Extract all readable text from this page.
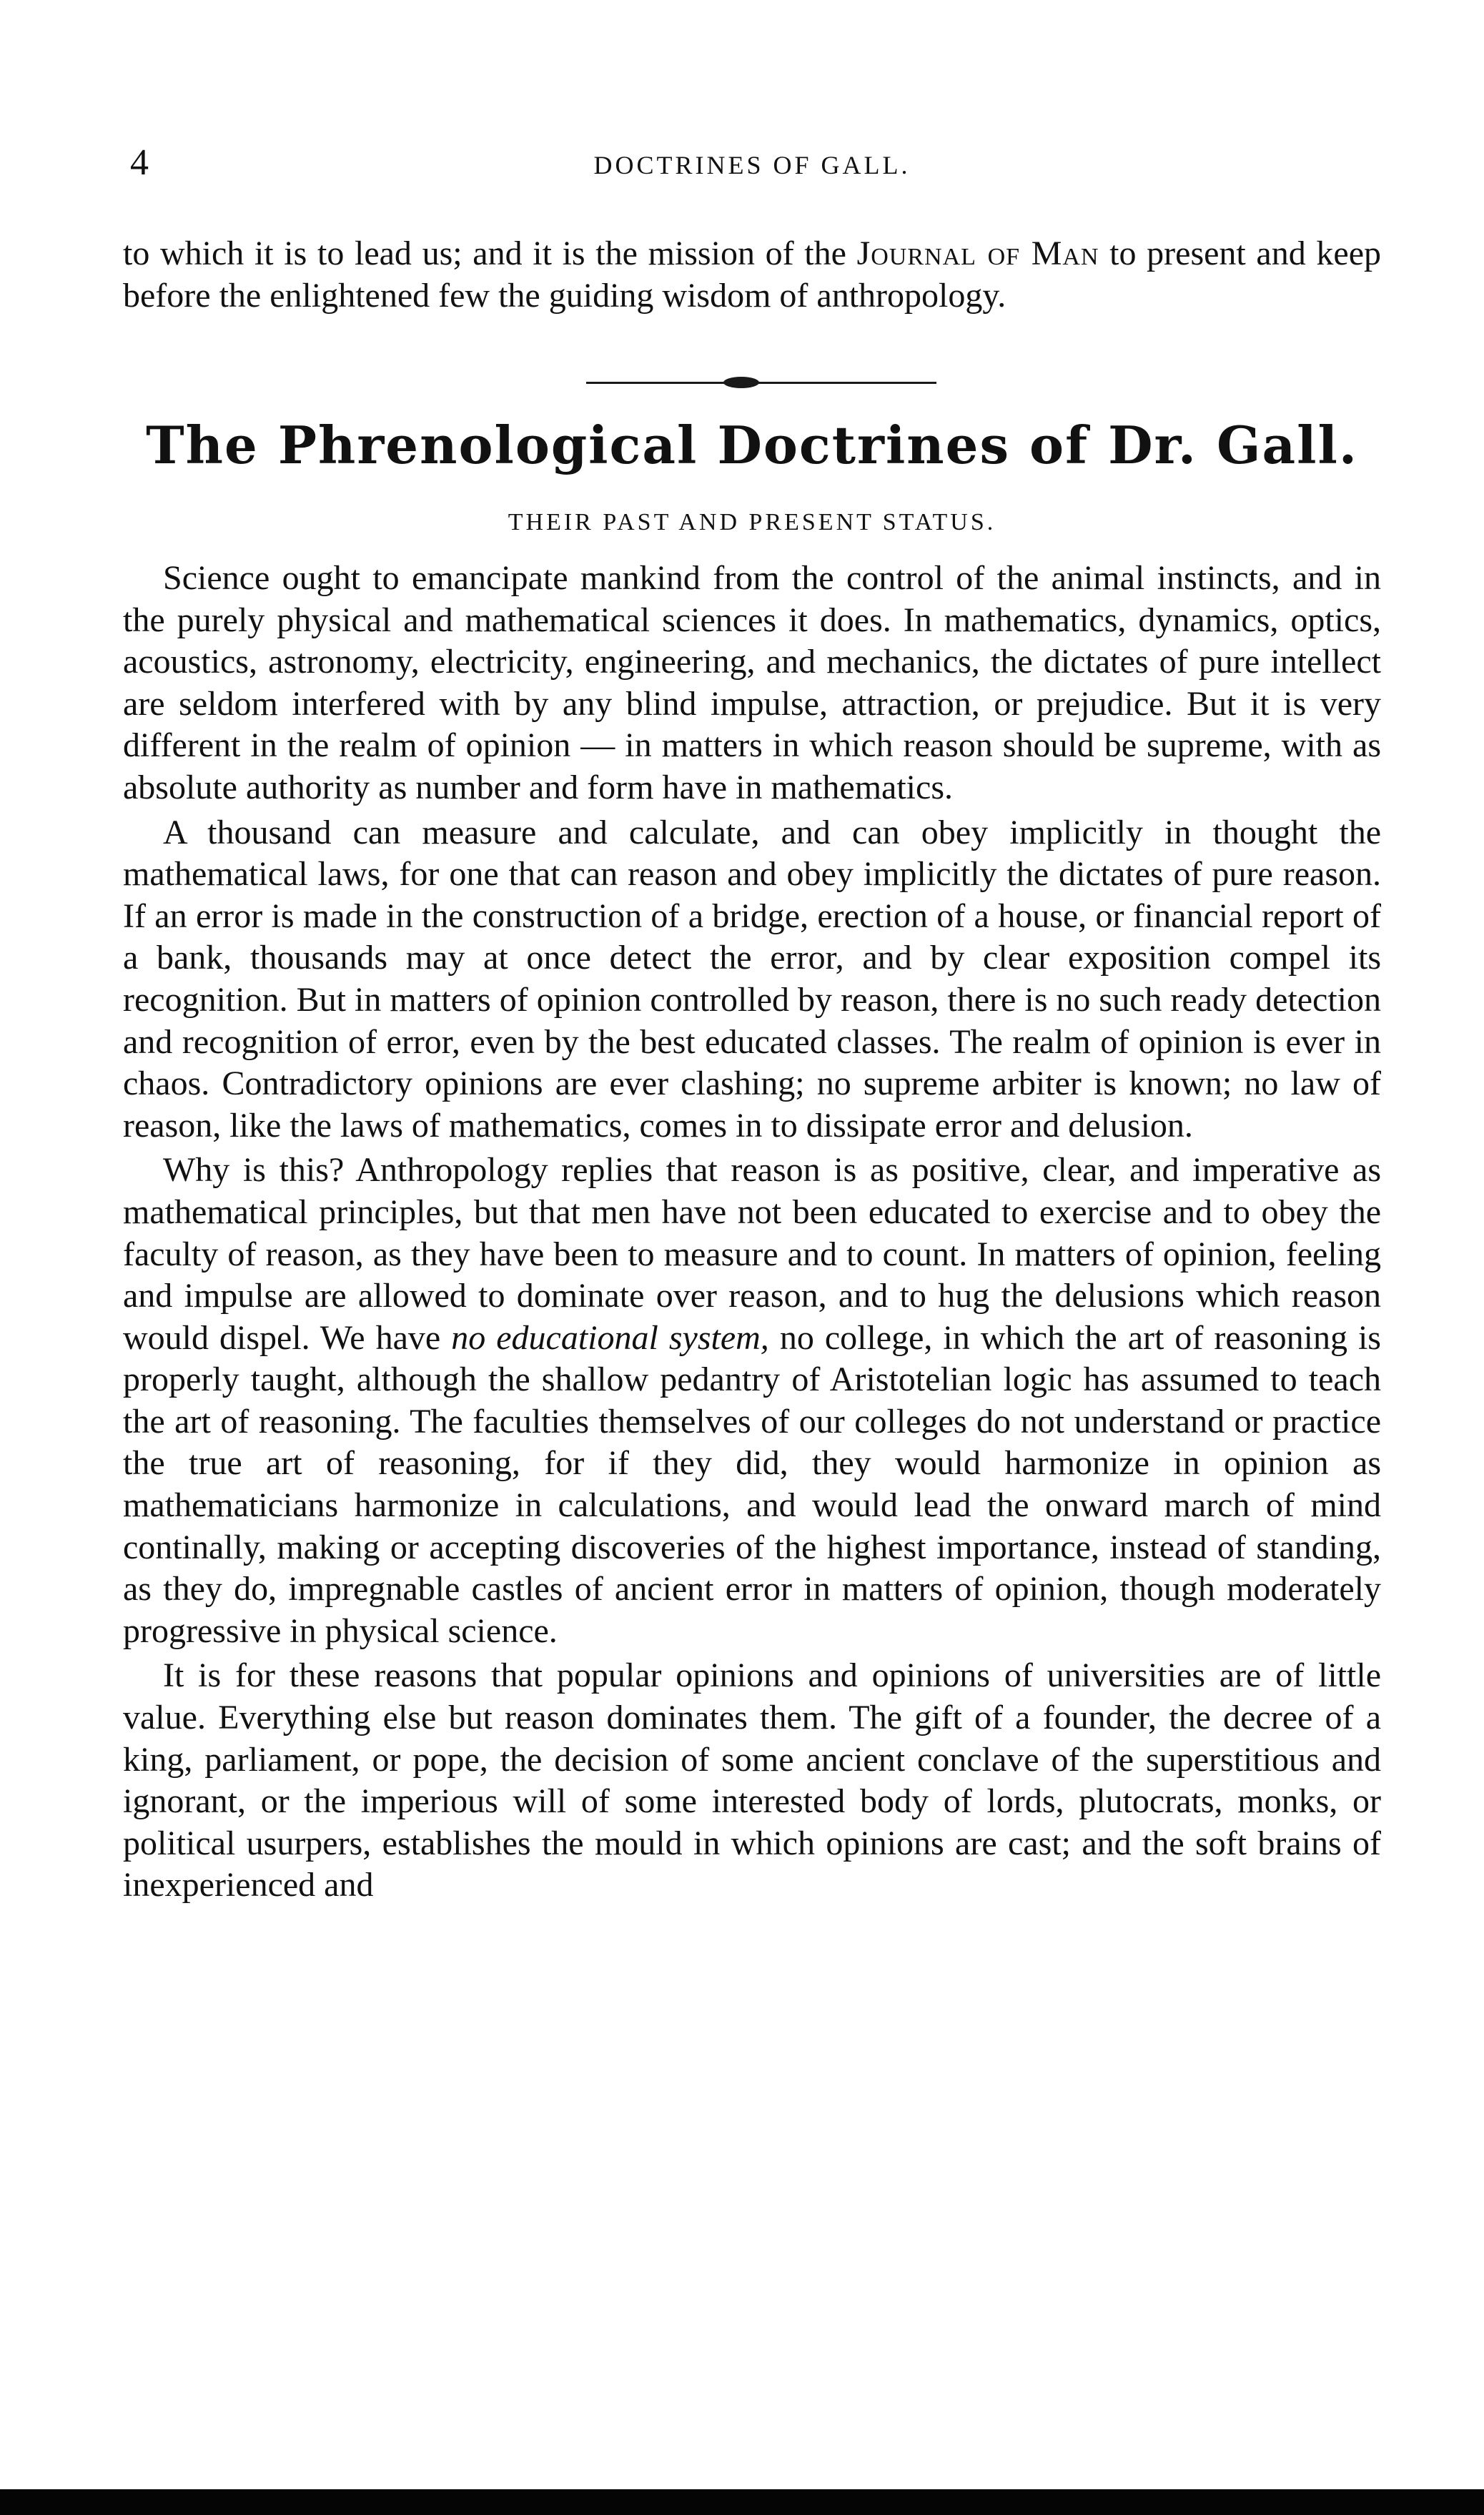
4	DOCTRINES OF GALL.

to which it is to lead us; and it is the mission of the Journal of Man to present and keep before the enlightened few the guiding wisdom of anthropology.

The Phrenological Doctrines of Dr. Gall.
THEIR PAST AND PRESENT STATUS.

Science ought to emancipate mankind from the control of the animal instincts, and in the purely physical and mathematical sciences it does. In mathematics, dynamics, optics, acoustics, astronomy, electricity, engineering, and mechanics, the dictates of pure intellect are seldom interfered with by any blind impulse, attraction, or prejudice. But it is very different in the realm of opinion — in matters in which reason should be supreme, with as absolute authority as number and form have in mathematics.

A thousand can measure and calculate, and can obey implicitly in thought the mathematical laws, for one that can reason and obey implicitly the dictates of pure reason. If an error is made in the construction of a bridge, erection of a house, or financial report of a bank, thousands may at once detect the error, and by clear exposition compel its recognition. But in matters of opinion controlled by reason, there is no such ready detection and recognition of error, even by the best educated classes. The realm of opinion is ever in chaos. Contradictory opinions are ever clashing; no supreme arbiter is known; no law of reason, like the laws of mathematics, comes in to dissipate error and delusion.

Why is this? Anthropology replies that reason is as positive, clear, and imperative as mathematical principles, but that men have not been educated to exercise and to obey the faculty of reason, as they have been to measure and to count. In matters of opinion, feeling and impulse are allowed to dominate over reason, and to hug the delusions which reason would dispel. We have no educational system, no college, in which the art of reasoning is properly taught, although the shallow pedantry of Aristotelian logic has assumed to teach the art of reasoning. The faculties themselves of our colleges do not understand or practice the true art of reasoning, for if they did, they would harmonize in opinion as mathematicians harmonize in calculations, and would lead the onward march of mind continally, making or accepting discoveries of the highest importance, instead of standing, as they do, impregnable castles of ancient error in matters of opinion, though moderately progressive in physical science.

It is for these reasons that popular opinions and opinions of universities are of little value. Everything else but reason dominates them. The gift of a founder, the decree of a king, parliament, or pope, the decision of some ancient conclave of the superstitious and ignorant, or the imperious will of some interested body of lords, plutocrats, monks, or political usurpers, establishes the mould in which opinions are cast; and the soft brains of inexperienced and
